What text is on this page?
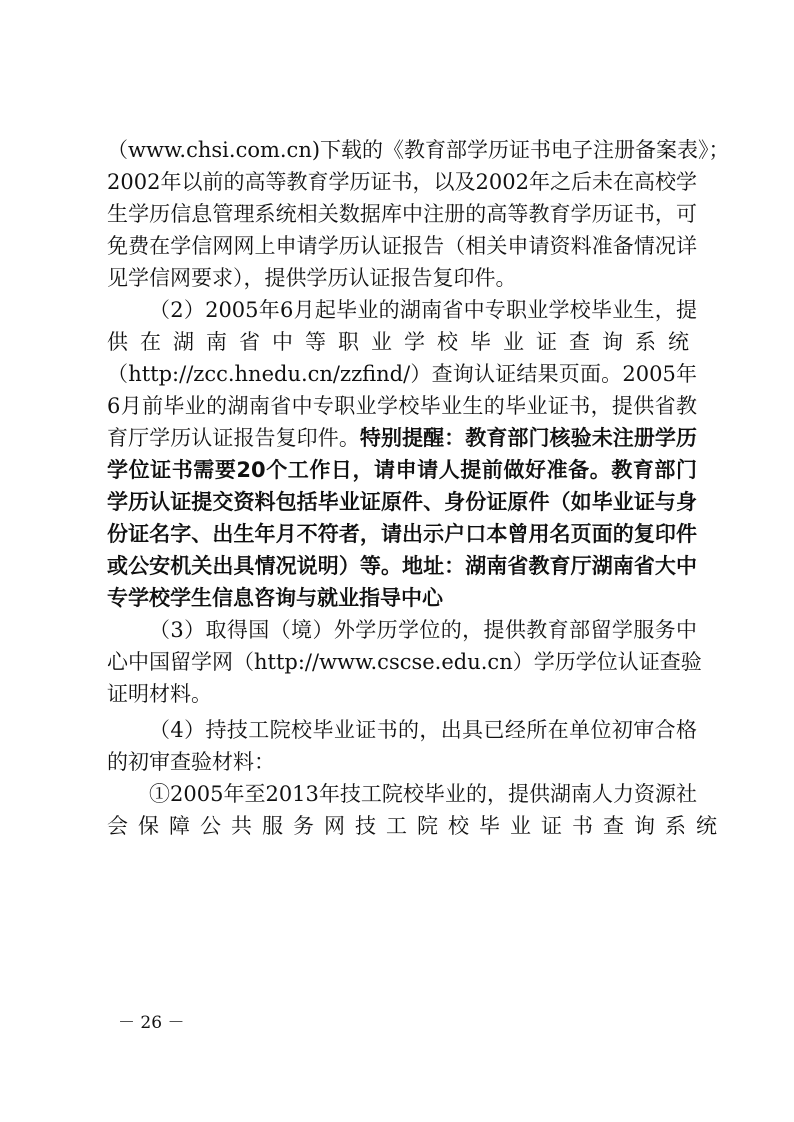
（www.chsi.com.cn)下载的《教育部学历证书电子注册备案表》；
2002年以前的高等教育学历证书，以及2002年之后未在高校学
生学历信息管理系统相关数据库中注册的高等教育学历证书，可
免费在学信网网上申请学历认证报告（相关申请资料准备情况详
见学信网要求），提供学历认证报告复印件。
（2）2005年6月起毕业的湖南省中专职业学校毕业生，提
供在湖南省中等职业学校毕业证查询系统
（http://zcc.hnedu.cn/zzfind/）查询认证结果页面。2005年
6月前毕业的湖南省中专职业学校毕业生的毕业证书，提供省教
育厅学历认证报告复印件。特别提醒：教育部门核验未注册学历
学位证书需要20个工作日，请申请人提前做好准备。教育部门
学历认证提交资料包括毕业证原件、身份证原件（如毕业证与身
份证名字、出生年月不符者，请出示户口本曾用名页面的复印件
或公安机关出具情况说明）等。地址：湖南省教育厅湖南省大中
专学校学生信息咨询与就业指导中心
（3）取得国（境）外学历学位的，提供教育部留学服务中
心中国留学网（http://www.cscse.edu.cn）学历学位认证查验
证明材料。
（4）持技工院校毕业证书的，出具已经所在单位初审合格
的初审查验材料：
①2005年至2013年技工院校毕业的，提供湖南人力资源社
会保障公共服务网技工院校毕业证书查询系统
－ 26 －
